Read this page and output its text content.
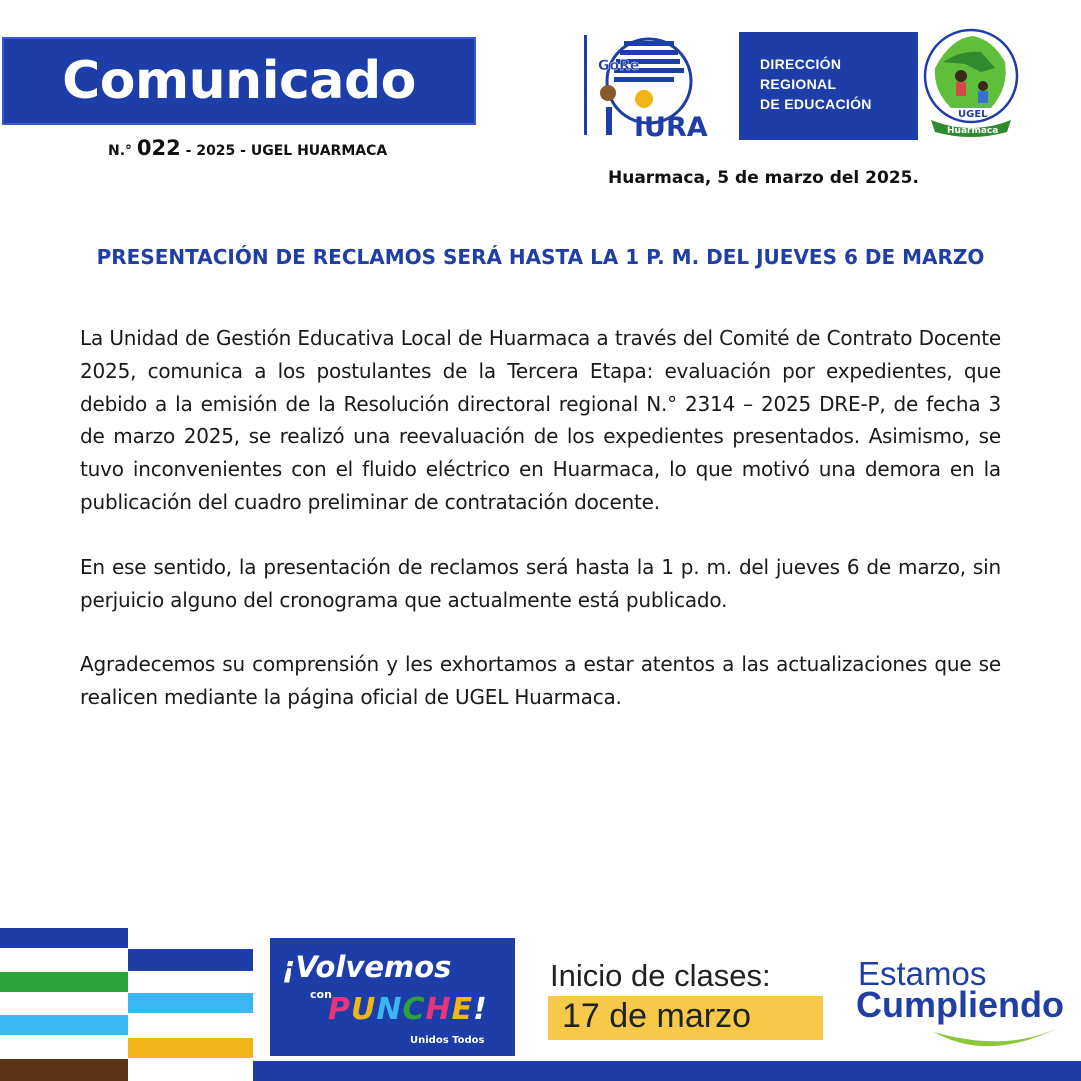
Comunicado
N.° 022 - 2025 - UGEL HUARMACA
GoRe
IURA
DIRECCIÓN
REGIONAL
DE EDUCACIÓN
UGEL
Huarmaca
Huarmaca, 5 de marzo del 2025.
PRESENTACIÓN DE RECLAMOS SERÁ HASTA LA 1 P. M. DEL JUEVES 6 DE MARZO

La Unidad de Gestión Educativa Local de Huarmaca a través del Comité de Contrato Docente 2025, comunica a los postulantes de la Tercera Etapa: evaluación por expedientes, que debido a la emisión de la Resolución directoral regional N.° 2314 – 2025 DRE-P, de fecha 3 de marzo 2025, se realizó una reevaluación de los expedientes presentados. Asimismo, se tuvo inconvenientes con el fluido eléctrico en Huarmaca, lo que motivó una demora en la publicación del cuadro preliminar de contratación docente.

En ese sentido, la presentación de reclamos será hasta la 1 p. m. del jueves 6 de marzo, sin perjuicio alguno del cronograma que actualmente está publicado.

Agradecemos su comprensión y les exhortamos a estar atentos a las actualizaciones que se realicen mediante la página oficial de UGEL Huarmaca.

¡Volvemos
con
PUNCHE!
Unidos Todos
Inicio de clases:
17 de marzo
Estamos
Cumpliendo
